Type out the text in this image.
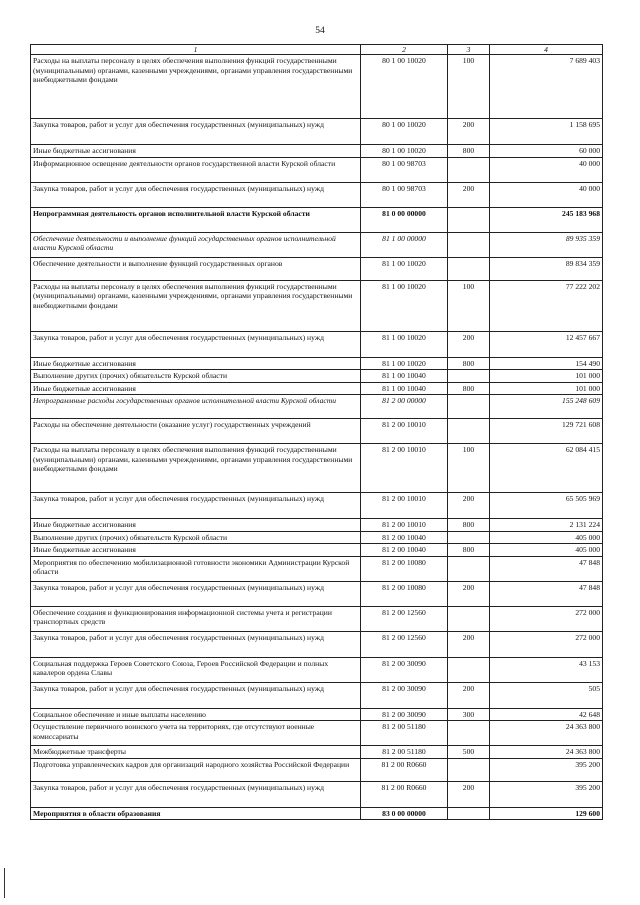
54
1	2	3	4
Расходы на выплаты персоналу в целях обеспечения выполнения функций государственными (муниципальными) органами, казенными учреждениями, органами управления государственными внебюджетными фондами	80 1 00 10020	100	7 689 403
Закупка товаров, работ и услуг для обеспечения государственных (муниципальных) нужд	80 1 00 10020	200	1 158 695
Иные бюджетные ассигнования	80 1 00 10020	800	60 000
Информационное освещение деятельности органов государственной власти Курской области	80 1 00 98703		40 000
Закупка товаров, работ и услуг для обеспечения государственных (муниципальных) нужд	80 1 00 98703	200	40 000
Непрограммная деятельность органов исполнительной власти Курской области	81 0 00 00000		245 183 968
Обеспечение деятельности и выполнение функций государственных органов исполнительной власти Курской области	81 1 00 00000		89 935 359
Обеспечение деятельности и выполнение функций государственных органов	81 1 00 10020		89 834 359
Расходы на выплаты персоналу в целях обеспечения выполнения функций государственными (муниципальными) органами, казенными учреждениями, органами управления государственными внебюджетными фондами	81 1 00 10020	100	77 222 202
Закупка товаров, работ и услуг для обеспечения государственных (муниципальных) нужд	81 1 00 10020	200	12 457 667
Иные бюджетные ассигнования	81 1 00 10020	800	154 490
Выполнение других (прочих) обязательств Курской области	81 1 00 10040		101 000
Иные бюджетные ассигнования	81 1 00 10040	800	101 000
Непрограммные расходы государственных органов исполнительной власти Курской области	81 2 00 00000		155 248 609
Расходы на обеспечение деятельности (оказание услуг) государственных учреждений	81 2 00 10010		129 721 608
Расходы на выплаты персоналу в целях обеспечения выполнения функций государственными (муниципальными) органами, казенными учреждениями, органами управления государственными внебюджетными фондами	81 2 00 10010	100	62 084 415
Закупка товаров, работ и услуг для обеспечения государственных (муниципальных) нужд	81 2 00 10010	200	65 505 969
Иные бюджетные ассигнования	81 2 00 10010	800	2 131 224
Выполнение других (прочих) обязательств Курской области	81 2 00 10040		405 000
Иные бюджетные ассигнования	81 2 00 10040	800	405 000
Мероприятия по обеспечению мобилизационной готовности экономики Администрации Курской области	81 2 00 10080		47 848
Закупка товаров, работ и услуг для обеспечения государственных (муниципальных) нужд	81 2 00 10080	200	47 848
Обеспечение создания и функционирования информационной системы учета и регистрации транспортных средств	81 2 00 12560		272 000
Закупка товаров, работ и услуг для обеспечения государственных (муниципальных) нужд	81 2 00 12560	200	272 000
Социальная поддержка Героев Советского Союза, Героев Российской Федерации и полных кавалеров ордена Славы	81 2 00 30090		43 153
Закупка товаров, работ и услуг для обеспечения государственных (муниципальных) нужд	81 2 00 30090	200	505
Социальное обеспечение и иные выплаты населению	81 2 00 30090	300	42 648
Осуществление первичного воинского учета на территориях, где отсутствуют военные комиссариаты	81 2 00 51180		24 363 800
Межбюджетные трансферты	81 2 00 51180	500	24 363 800
Подготовка управленческих кадров для организаций народного хозяйства Российской Федерации	81 2 00 R0660		395 200
Закупка товаров, работ и услуг для обеспечения государственных (муниципальных) нужд	81 2 00 R0660	200	395 200
Мероприятия в области образования	83 0 00 00000		129 600
